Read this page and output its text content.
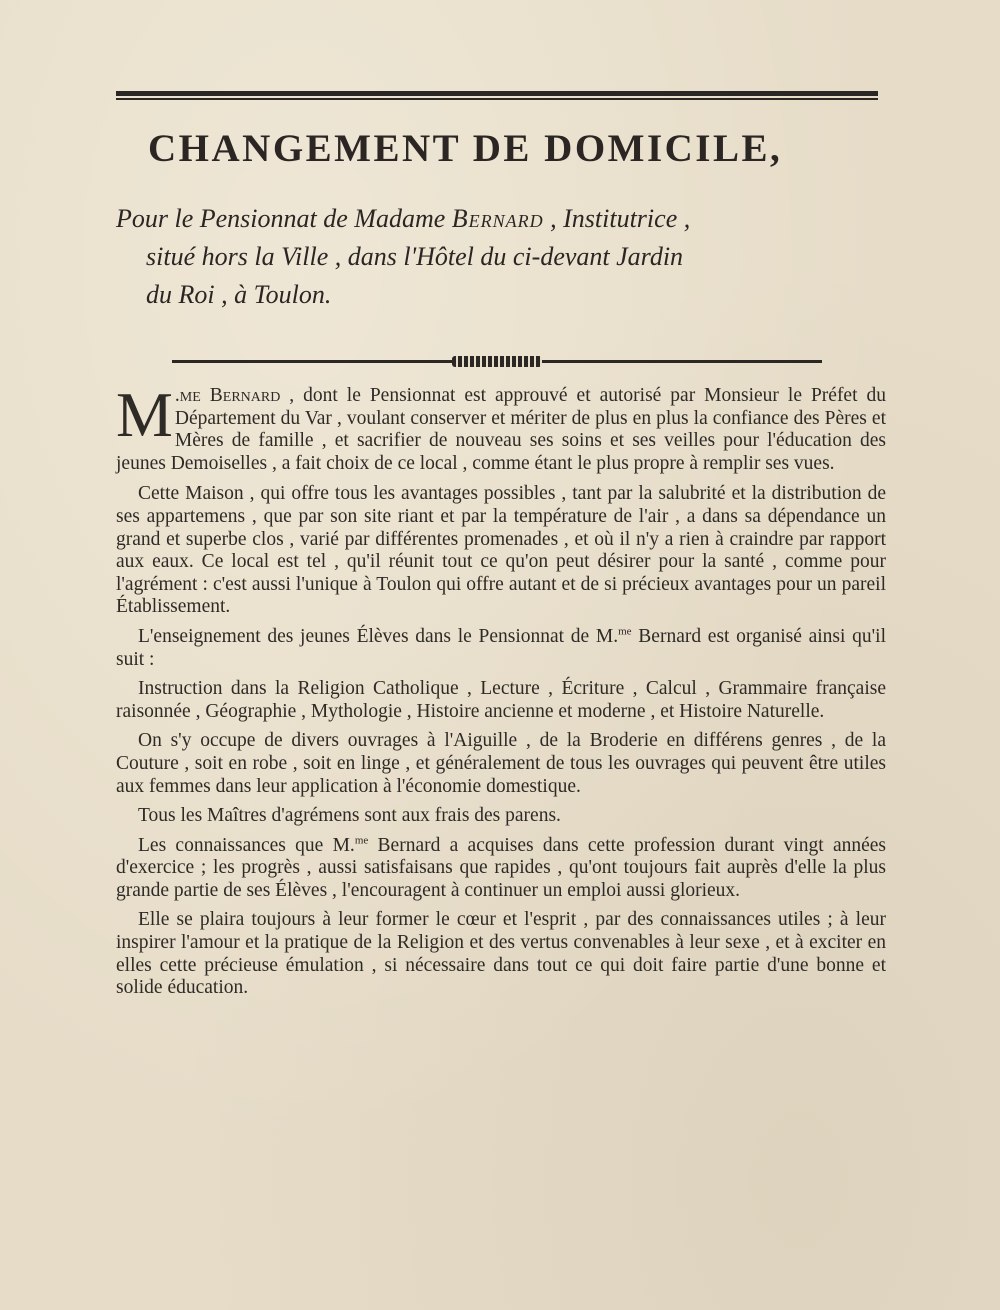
CHANGEMENT DE DOMICILE,
Pour le Pensionnat de Madame Bernard , Institutrice ,
situé hors la Ville , dans l'Hôtel du ci-devant Jardin
du Roi , à Toulon.

M .me Bernard , dont le Pensionnat est approuvé et autorisé par Monsieur le Préfet du Département du Var , voulant conserver et mériter de plus en plus la confiance des Pères et Mères de famille , et sacrifier de nouveau ses soins et ses veilles pour l'éducation des jeunes Demoiselles , a fait choix de ce local , comme étant le plus propre à remplir ses vues.

Cette Maison , qui offre tous les avantages possibles , tant par la salubrité et la distribution de ses appartemens , que par son site riant et par la température de l'air , a dans sa dépendance un grand et superbe clos , varié par différentes promenades , et où il n'y a rien à craindre par rapport aux eaux. Ce local est tel , qu'il réunit tout ce qu'on peut désirer pour la santé , comme pour l'agrément : c'est aussi l'unique à Toulon qui offre autant et de si précieux avantages pour un pareil Établissement.

L'enseignement des jeunes Élèves dans le Pensionnat de M.$^{me}$ Bernard est organisé ainsi qu'il suit :

Instruction dans la Religion Catholique , Lecture , Écriture , Calcul , Grammaire française raisonnée , Géographie , Mythologie , Histoire ancienne et moderne , et Histoire Naturelle.

On s'y occupe de divers ouvrages à l'Aiguille , de la Broderie en différens genres , de la Couture , soit en robe , soit en linge , et généralement de tous les ouvrages qui peuvent être utiles aux femmes dans leur application à l'économie domestique.

Tous les Maîtres d'agrémens sont aux frais des parens.

Les connaissances que M.$^{me}$ Bernard a acquises dans cette profession durant vingt années d'exercice ; les progrès , aussi satisfaisans que rapides , qu'ont toujours fait auprès d'elle la plus grande partie de ses Élèves , l'encouragent à continuer un emploi aussi glorieux.

Elle se plaira toujours à leur former le cœur et l'esprit , par des connaissances utiles ; à leur inspirer l'amour et la pratique de la Religion et des vertus convenables à leur sexe , et à exciter en elles cette précieuse émulation , si nécessaire dans tout ce qui doit faire partie d'une bonne et solide éducation.
